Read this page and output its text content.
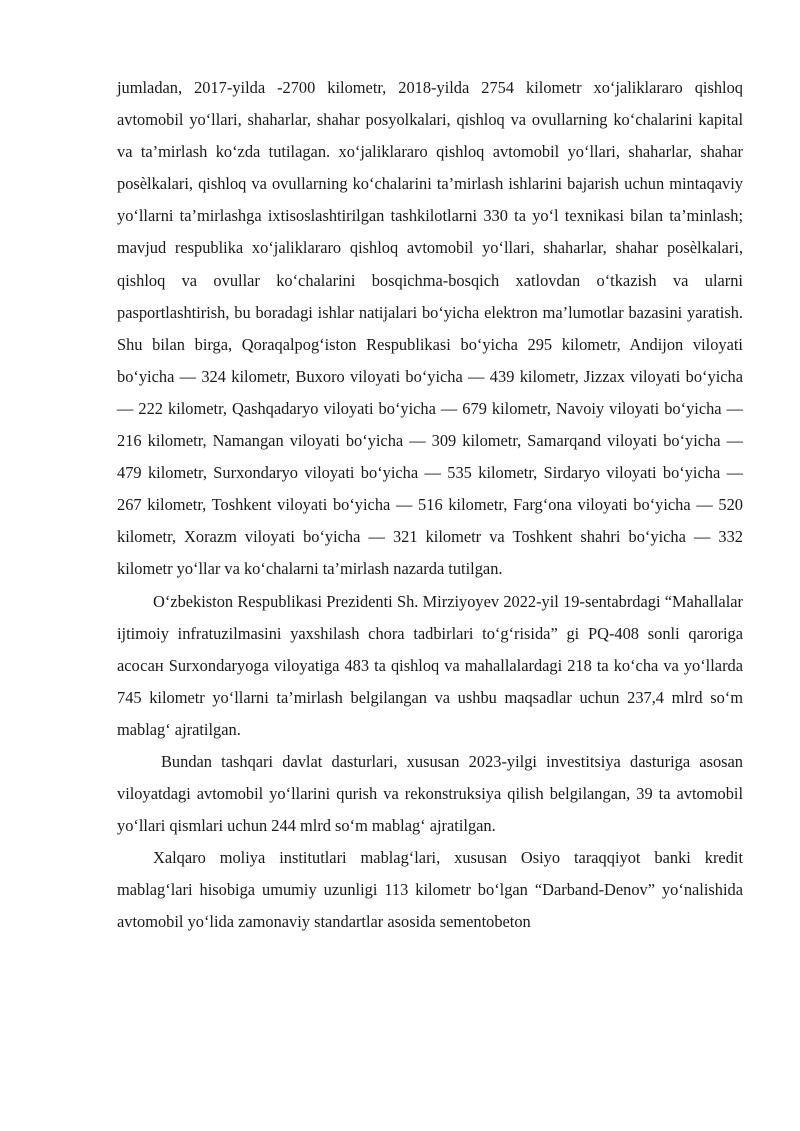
jumladan, 2017-yilda -2700 kilometr, 2018-yilda 2754 kilometr xo‘jaliklararo qishloq avtomobil yo‘llari, shaharlar, shahar posyolkalari, qishloq va ovullarning ko‘chalarini kapital va ta’mirlash ko‘zda tutilagan. xo‘jaliklararo qishloq avtomobil yo‘llari, shaharlar, shahar posèlkalari, qishloq va ovullarning ko‘chalarini ta’mirlash ishlarini bajarish uchun mintaqaviy yo‘llarni ta’mirlashga ixtisoslashtirilgan tashkilotlarni 330 ta yo‘l texnikasi bilan ta’minlash; mavjud respublika xo‘jaliklararo qishloq avtomobil yo‘llari, shaharlar, shahar posèlkalari, qishloq va ovullar ko‘chalarini bosqichma-bosqich xatlovdan o‘tkazish va ularni pasportlashtirish, bu boradagi ishlar natijalari bo‘yicha elektron ma’lumotlar bazasini yaratish. Shu bilan birga, Qoraqalpog‘iston Respublikasi bo‘yicha 295 kilometr, Andijon viloyati bo‘yicha — 324 kilometr, Buxoro viloyati bo‘yicha — 439 kilometr, Jizzax viloyati bo‘yicha — 222 kilometr, Qashqadaryo viloyati bo‘yicha — 679 kilometr, Navoiy viloyati bo‘yicha — 216 kilometr, Namangan viloyati bo‘yicha — 309 kilometr, Samarqand viloyati bo‘yicha — 479 kilometr, Surxondaryo viloyati bo‘yicha — 535 kilometr, Sirdaryo viloyati bo‘yicha — 267 kilometr, Toshkent viloyati bo‘yicha — 516 kilometr, Farg‘ona viloyati bo‘yicha — 520 kilometr, Xorazm viloyati bo‘yicha — 321 kilometr va Toshkent shahri bo‘yicha — 332 kilometr yo‘llar va ko‘chalarni ta’mirlash nazarda tutilgan.

O‘zbekiston Respublikasi Prezidenti Sh. Mirziyoyev 2022-yil 19-sentabrdagi “Mahallalar ijtimoiy infratuzilmasini yaxshilash chora tadbirlari to‘g‘risida” gi PQ-408 sonli qaroriga асосан Surxondaryoga viloyatiga 483 ta qishloq va mahallalardagi 218 ta ko‘cha va yo‘llarda 745 kilometr yo‘llarni ta’mirlash belgilangan va ushbu maqsadlar uchun 237,4 mlrd so‘m mablag‘ ajratilgan.

Bundan tashqari davlat dasturlari, xususan 2023-yilgi investitsiya dasturiga asosan viloyatdagi avtomobil yo‘llarini qurish va rekonstruksiya qilish belgilangan, 39 ta avtomobil yo‘llari qismlari uchun 244 mlrd so‘m mablag‘ ajratilgan.

Xalqaro moliya institutlari mablag‘lari, xususan Osiyo taraqqiyot banki kredit mablag‘lari hisobiga umumiy uzunligi 113 kilometr bo‘lgan “Darband-Denov” yo‘nalishida avtomobil yo‘lida zamonaviy standartlar asosida sementobeton
